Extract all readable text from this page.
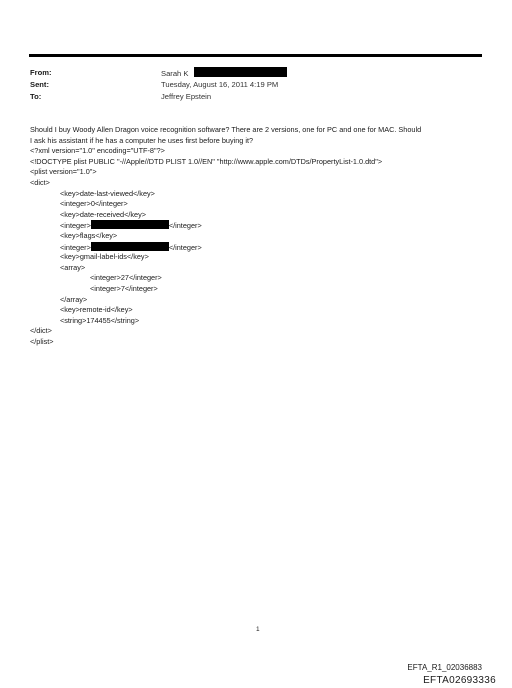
From:	Sarah K
Sent:	Tuesday, August 16, 2011 4:19 PM
To:	Jeffrey Epstein
Should I buy Woody Allen Dragon voice recognition software? There are 2 versions, one for PC and one for MAC. Should
I ask his assistant if he has a computer he uses first before buying it?
<?xml version="1.0" encoding="UTF-8"?>
<!DOCTYPE plist PUBLIC "-//Apple//DTD PLIST 1.0//EN" "http://www.apple.com/DTDs/PropertyList-1.0.dtd">
<plist version="1.0">
<dict>
<key>date-last-viewed</key>
<integer>0</integer>
<key>date-received</key>
<integer>	</integer>
<key>flags</key>
<integer>	</integer>
<key>gmail-label-ids</key>
<array>
<integer>27</integer>
<integer>7</integer>
</array>
<key>remote-id</key>
<string>174455</string>
</dict>
</plist>
1
EFTA_R1_02036883
EFTA02693336
